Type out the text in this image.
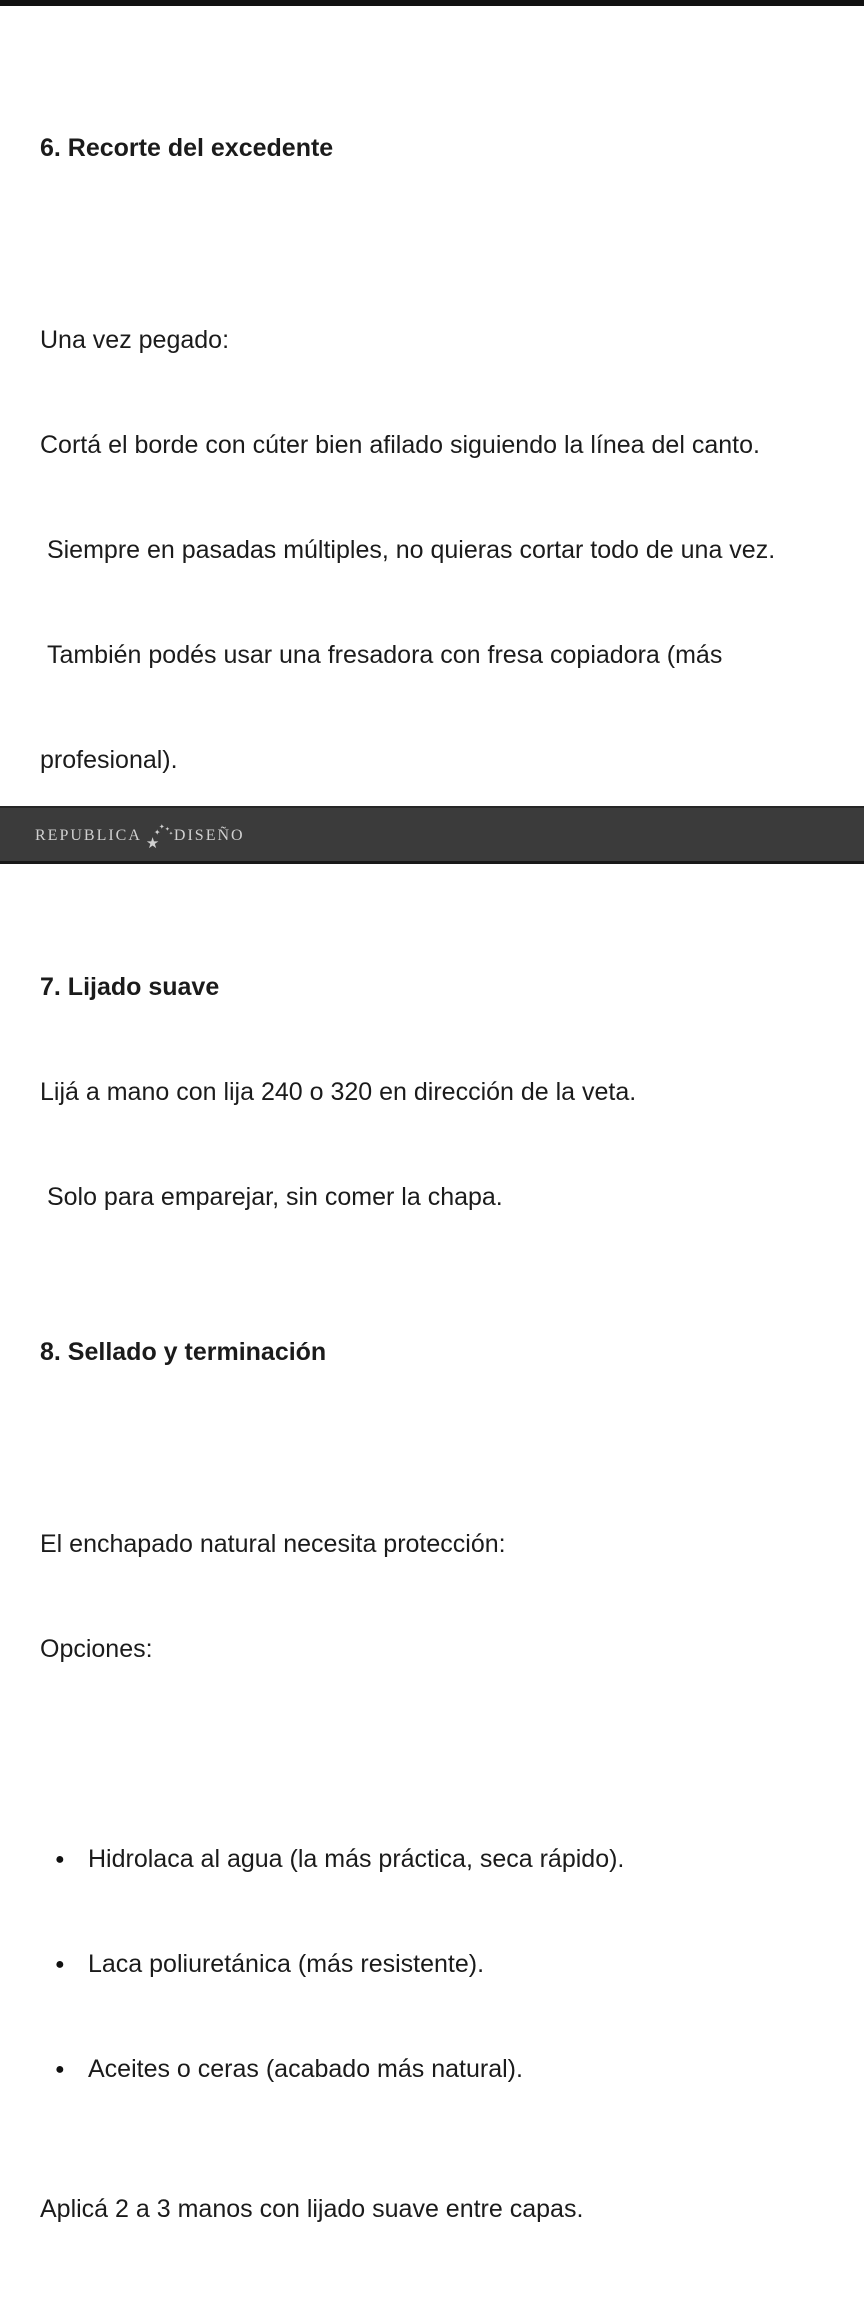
6. Recorte del excedente

Una vez pegado:

Cortá el borde con cúter bien afilado siguiendo la línea del canto.

Siempre en pasadas múltiples, no quieras cortar todo de una vez.

También podés usar una fresadora con fresa copiadora (más

profesional).

7. Lijado suave

Lijá a mano con lija 240 o 320 en dirección de la veta.

Solo para emparejar, sin comer la chapa.

8. Sellado y terminación

El enchapado natural necesita protección:

Opciones:

● Hidrolaca al agua (la más práctica, seca rápido).

● Laca poliuretánica (más resistente).

● Aceites o ceras (acabado más natural).

Aplicá 2 a 3 manos con lijado suave entre capas.

REPUBLICA ★
✦
✦ ✦
✦ DISEÑO
